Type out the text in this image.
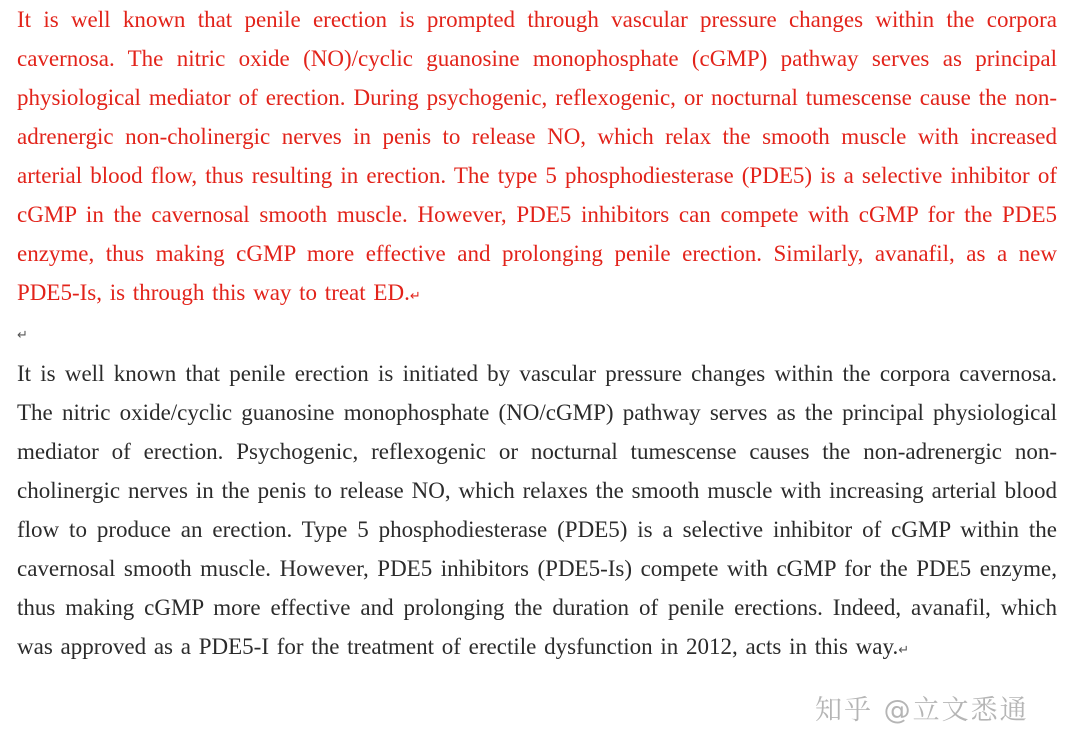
It is well known that penile erection is prompted through vascular pressure changes within the corpora cavernosa. The nitric oxide (NO)/cyclic guanosine monophosphate (cGMP) pathway serves as principal physiological mediator of erection. During psychogenic, reflexogenic, or nocturnal tumescense cause the non-adrenergic non-cholinergic nerves in penis to release NO, which relax the smooth muscle with increased arterial blood flow, thus resulting in erection. The type 5 phosphodiesterase (PDE5) is a selective inhibitor of cGMP in the cavernosal smooth muscle. However, PDE5 inhibitors can compete with cGMP for the PDE5 enzyme, thus making cGMP more effective and prolonging penile erection. Similarly, avanafil, as a new PDE5-Is, is through this way to treat ED.↵

↵

It is well known that penile erection is initiated by vascular pressure changes within the corpora cavernosa. The nitric oxide/cyclic guanosine monophosphate (NO/cGMP) pathway serves as the principal physiological mediator of erection. Psychogenic, reflexogenic or nocturnal tumescense causes the non-adrenergic non-cholinergic nerves in the penis to release NO, which relaxes the smooth muscle with increasing arterial blood flow to produce an erection. Type 5 phosphodiesterase (PDE5) is a selective inhibitor of cGMP within the cavernosal smooth muscle. However, PDE5 inhibitors (PDE5-Is) compete with cGMP for the PDE5 enzyme, thus making cGMP more effective and prolonging the duration of penile erections. Indeed, avanafil, which was approved as a PDE5-I for the treatment of erectile dysfunction in 2012, acts in this way.↵

知乎 @立文悉通
